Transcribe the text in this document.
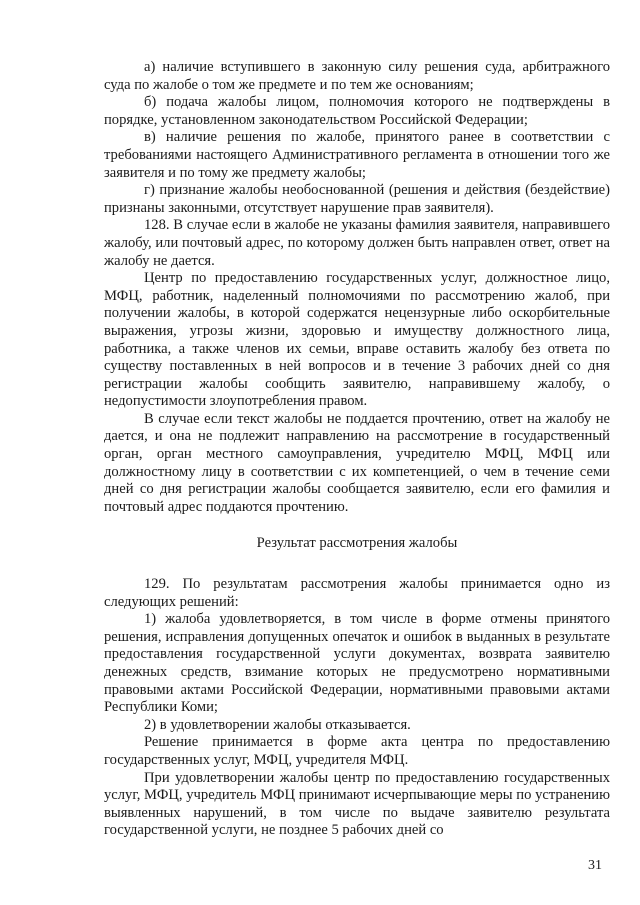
а) наличие вступившего в законную силу решения суда, арбитражного суда по жалобе о том же предмете и по тем же основаниям;

б) подача жалобы лицом, полномочия которого не подтверждены в порядке, установленном законодательством Российской Федерации;

в) наличие решения по жалобе, принятого ранее в соответствии с требованиями настоящего Административного регламента в отношении того же заявителя и по тому же предмету жалобы;

г) признание жалобы необоснованной (решения и действия (бездействие) признаны законными, отсутствует нарушение прав заявителя).

128. В случае если в жалобе не указаны фамилия заявителя, направившего жалобу, или почтовый адрес, по которому должен быть направлен ответ, ответ на жалобу не дается.

Центр по предоставлению государственных услуг, должностное лицо, МФЦ, работник, наделенный полномочиями по рассмотрению жалоб, при получении жалобы, в которой содержатся нецензурные либо оскорбительные выражения, угрозы жизни, здоровью и имуществу должностного лица, работника, а также членов их семьи, вправе оставить жалобу без ответа по существу поставленных в ней вопросов и в течение 3 рабочих дней со дня регистрации жалобы сообщить заявителю, направившему жалобу, о недопустимости злоупотребления правом.

В случае если текст жалобы не поддается прочтению, ответ на жалобу не дается, и она не подлежит направлению на рассмотрение в государственный орган, орган местного самоуправления, учредителю МФЦ, МФЦ или должностному лицу в соответствии с их компетенцией, о чем в течение семи дней со дня регистрации жалобы сообщается заявителю, если его фамилия и почтовый адрес поддаются прочтению.

Результат рассмотрения жалобы

129. По результатам рассмотрения жалобы принимается одно из следующих решений:

1) жалоба удовлетворяется, в том числе в форме отмены принятого решения, исправления допущенных опечаток и ошибок в выданных в результате предоставления государственной услуги документах, возврата заявителю денежных средств, взимание которых не предусмотрено нормативными правовыми актами Российской Федерации, нормативными правовыми актами Республики Коми;

2) в удовлетворении жалобы отказывается.

Решение принимается в форме акта центра по предоставлению государственных услуг, МФЦ, учредителя МФЦ.

При удовлетворении жалобы центр по предоставлению государственных услуг, МФЦ, учредитель МФЦ принимают исчерпывающие меры по устранению выявленных нарушений, в том числе по выдаче заявителю результата государственной услуги, не позднее 5 рабочих дней со

31
